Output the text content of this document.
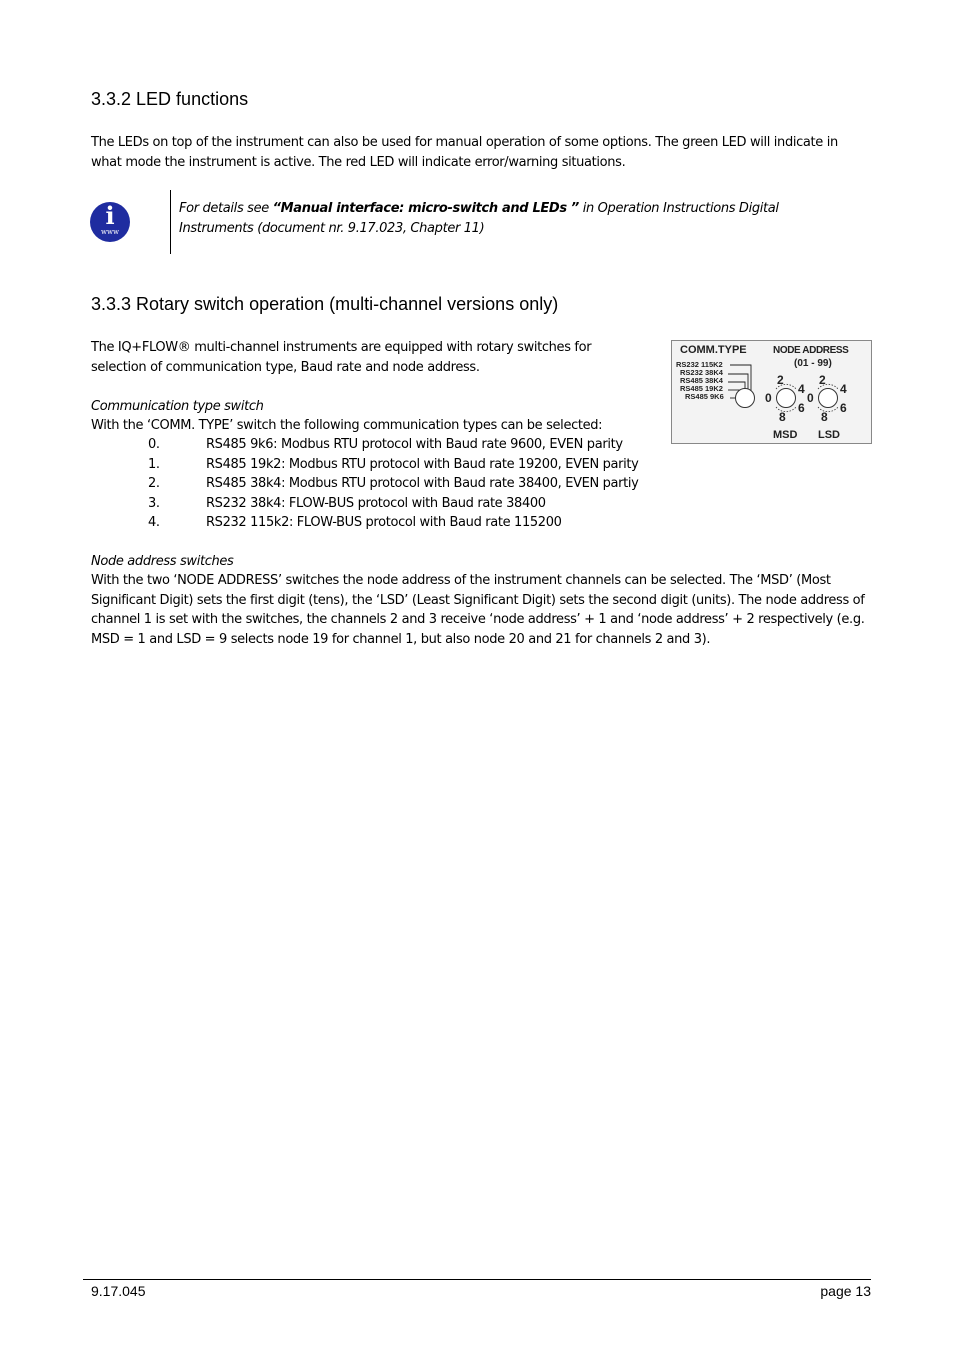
3.3.2 LED functions

The LEDs on top of the instrument can also be used for manual operation of some options. The green LED will indicate in what mode the instrument is active. The red LED will indicate error/warning situations.

i
www

For details see “Manual interface: micro-switch and LEDs ” in Operation Instructions Digital Instruments (document nr. 9.17.023, Chapter 11)

3.3.3 Rotary switch operation (multi-channel versions only)

The IQ+FLOW® multi-channel instruments are equipped with rotary switches for selection of communication type, Baud rate and node address.

COMM.TYPE	NODE ADDRESS
(01 - 99)
RS232 115K2
RS232 38K4
RS485 38K4
RS485 19K2
RS485 9K6
2
4
0
6
8
2
4
0
6
8
MSD LSD

Communication type switch

With the ‘COMM. TYPE’ switch the following communication types can be selected:

0.	RS485 9k6: Modbus RTU protocol with Baud rate 9600, EVEN parity
1.	RS485 19k2: Modbus RTU protocol with Baud rate 19200, EVEN parity
2.	RS485 38k4: Modbus RTU protocol with Baud rate 38400, EVEN partiy
3.	RS232 38k4: FLOW-BUS protocol with Baud rate 38400
4.	RS232 115k2: FLOW-BUS protocol with Baud rate 115200

Node address switches

With the two ‘NODE ADDRESS’ switches the node address of the instrument channels can be selected. The ‘MSD’ (Most Significant Digit) sets the first digit (tens), the ‘LSD’ (Least Significant Digit) sets the second digit (units). The node address of channel 1 is set with the switches, the channels 2 and 3 receive ‘node address’ + 1 and ‘node address’ + 2 respectively (e.g. MSD = 1 and LSD = 9 selects node 19 for channel 1, but also node 20 and 21 for channels 2 and 3).

9.17.045	page 13
